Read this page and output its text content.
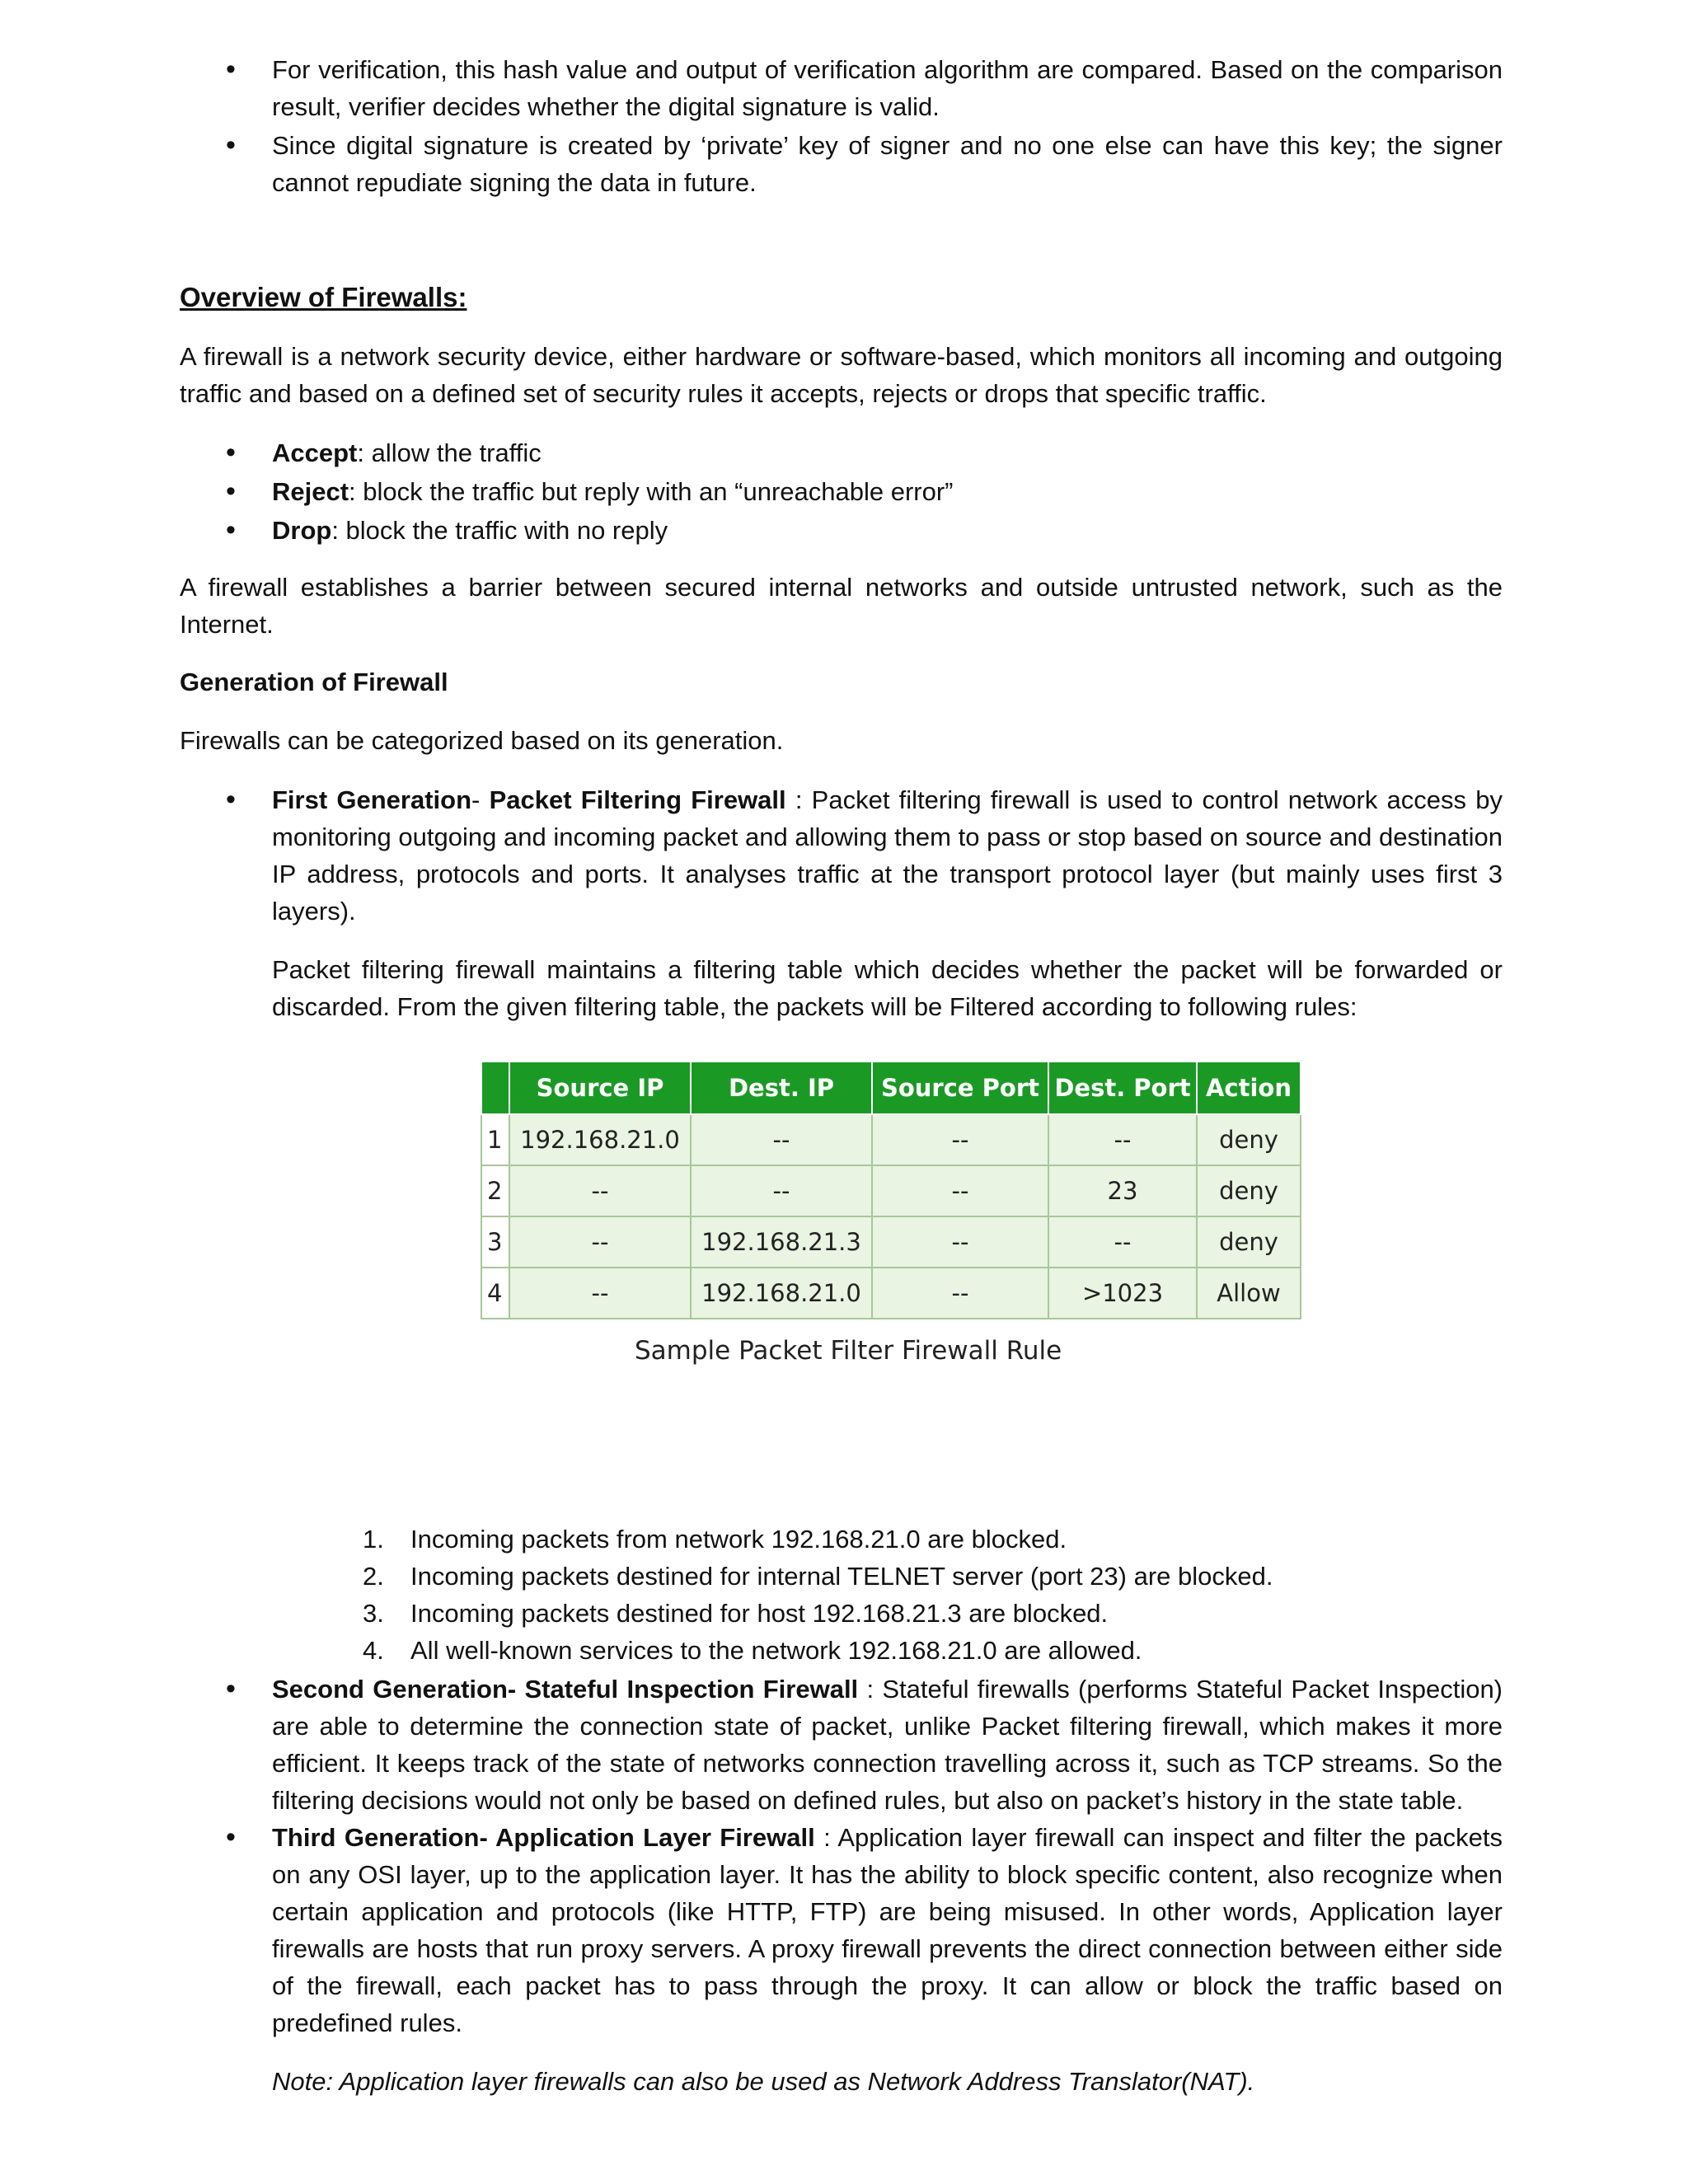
• For verification, this hash value and output of verification algorithm are compared. Based on the comparison result, verifier decides whether the digital signature is valid.
• Since digital signature is created by ‘private’ key of signer and no one else can have this key; the signer cannot repudiate signing the data in future.

Overview of Firewalls:

A firewall is a network security device, either hardware or software-based, which monitors all incoming and outgoing traffic and based on a defined set of security rules it accepts, rejects or drops that specific traffic.

• Accept: allow the traffic
• Reject: block the traffic but reply with an “unreachable error”
• Drop: block the traffic with no reply

A firewall establishes a barrier between secured internal networks and outside untrusted network, such as the Internet.

Generation of Firewall

Firewalls can be categorized based on its generation.

• First Generation- Packet Filtering Firewall : Packet filtering firewall is used to control network access by monitoring outgoing and incoming packet and allowing them to pass or stop based on source and destination IP address, protocols and ports. It analyses traffic at the transport protocol layer (but mainly uses first 3 layers).

Packet filtering firewall maintains a filtering table which decides whether the packet will be forwarded or discarded. From the given filtering table, the packets will be Filtered according to following rules:

	Source IP	Dest. IP	Source Port	Dest. Port	Action
1	192.168.21.0	--	--	--	deny
2	--	--	--	23	deny
3	--	192.168.21.3	--	--	deny
4	--	192.168.21.0	--	>1023	Allow
Sample Packet Filter Firewall Rule
1. Incoming packets from network 192.168.21.0 are blocked.
2. Incoming packets destined for internal TELNET server (port 23) are blocked.
3. Incoming packets destined for host 192.168.21.3 are blocked.
4. All well-known services to the network 192.168.21.0 are allowed.
• Second Generation- Stateful Inspection Firewall : Stateful firewalls (performs Stateful Packet Inspection) are able to determine the connection state of packet, unlike Packet filtering firewall, which makes it more efficient. It keeps track of the state of networks connection travelling across it, such as TCP streams. So the filtering decisions would not only be based on defined rules, but also on packet’s history in the state table.
• Third Generation- Application Layer Firewall : Application layer firewall can inspect and filter the packets on any OSI layer, up to the application layer. It has the ability to block specific content, also recognize when certain application and protocols (like HTTP, FTP) are being misused. In other words, Application layer firewalls are hosts that run proxy servers. A proxy firewall prevents the direct connection between either side of the firewall, each packet has to pass through the proxy. It can allow or block the traffic based on predefined rules.

Note: Application layer firewalls can also be used as Network Address Translator(NAT).
